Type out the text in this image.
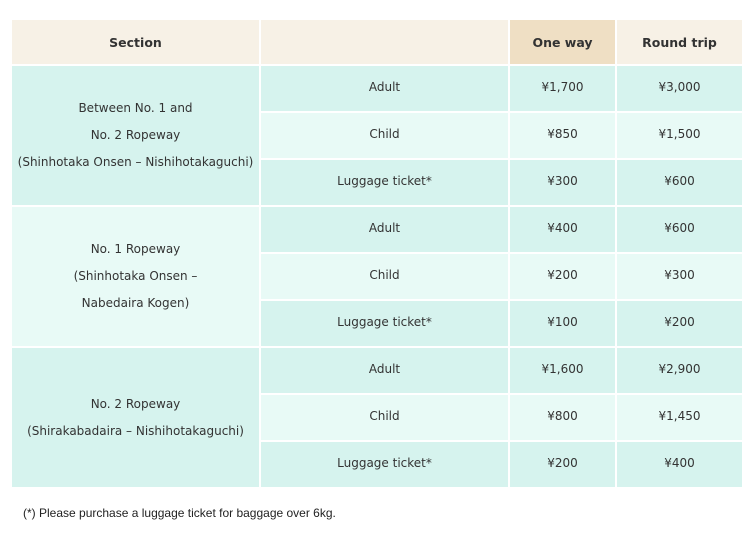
Section		One way	Round trip

Between No. 1 and
No. 2 Ropeway
(Shinhotaka Onsen – Nishihotakaguchi)	Adult	¥1,700	¥3,000
	Child	¥850	¥1,500
	Luggage ticket*	¥300	¥600

No. 1 Ropeway
(Shinhotaka Onsen –
Nabedaira Kogen)	Adult	¥400	¥600
	Child	¥200	¥300
	Luggage ticket*	¥100	¥200

No. 2 Ropeway
(Shirakabadaira – Nishihotakaguchi)	Adult	¥1,600	¥2,900
	Child	¥800	¥1,450
	Luggage ticket*	¥200	¥400
(*) Please purchase a luggage ticket for baggage over 6kg.
